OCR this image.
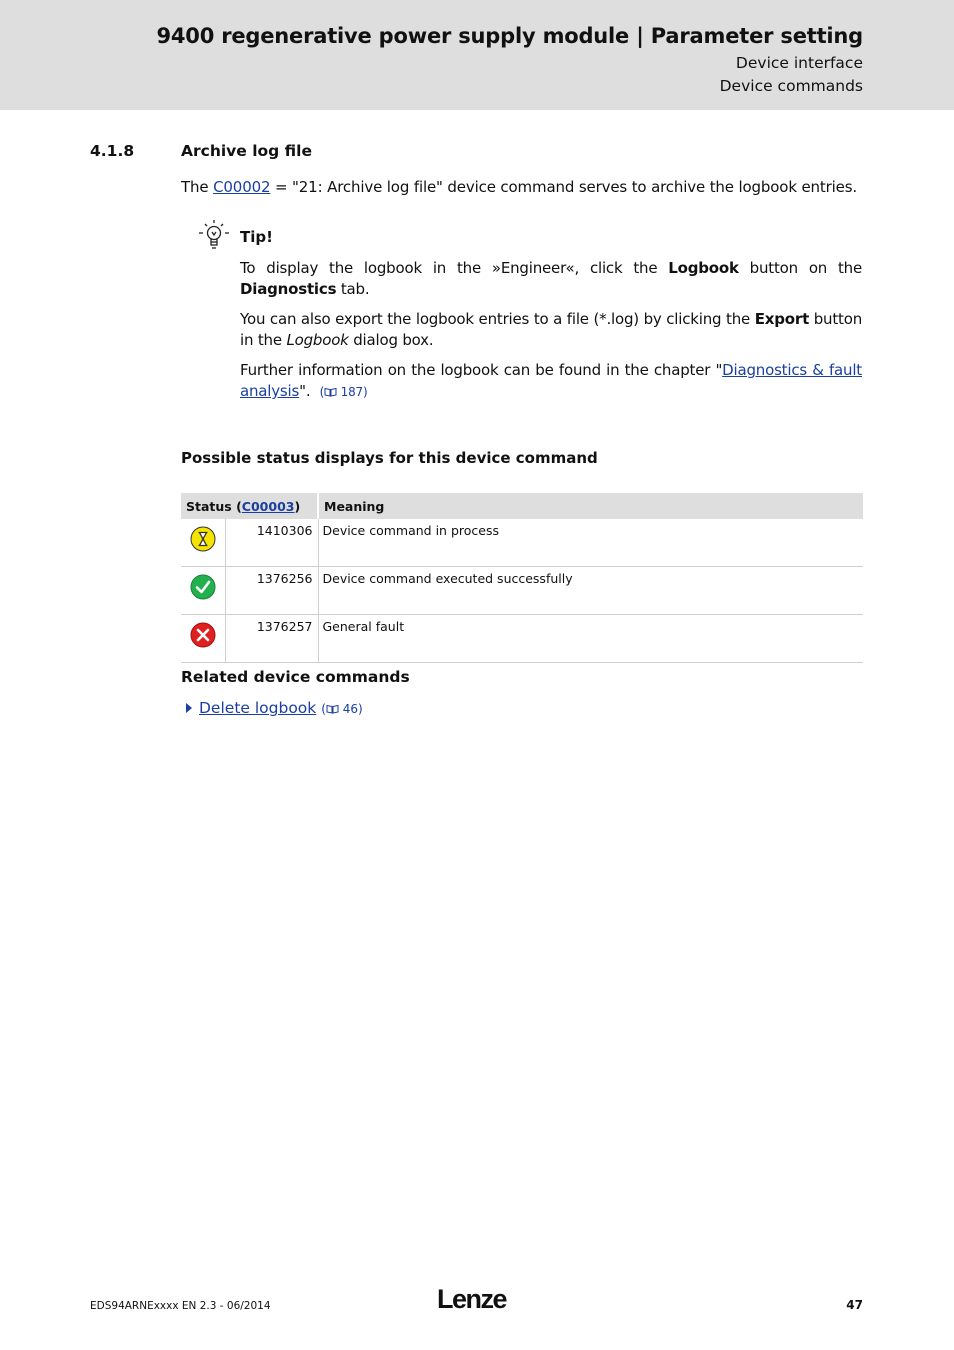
9400 regenerative power supply module | Parameter setting
Device interface
Device commands
4.1.8	Archive log file
The C00002 = "21: Archive log file" device command serves to archive the logbook entries.
Tip!
To display the logbook in the »Engineer«, click the Logbook button on the Diagnostics tab.
You can also export the logbook entries to a file (*.log) by clicking the Export button in the Logbook dialog box.
Further information on the logbook can be found in the chapter "Diagnostics & fault analysis". ( 187)
Possible status displays for this device command
Status (C00003)		Meaning
	1410306	Device command in process
	1376256	Device command executed successfully
	1376257	General fault
Related device commands
Delete logbook ( 46)
EDS94ARNExxxx EN 2.3 - 06/2014	Lenze	47
